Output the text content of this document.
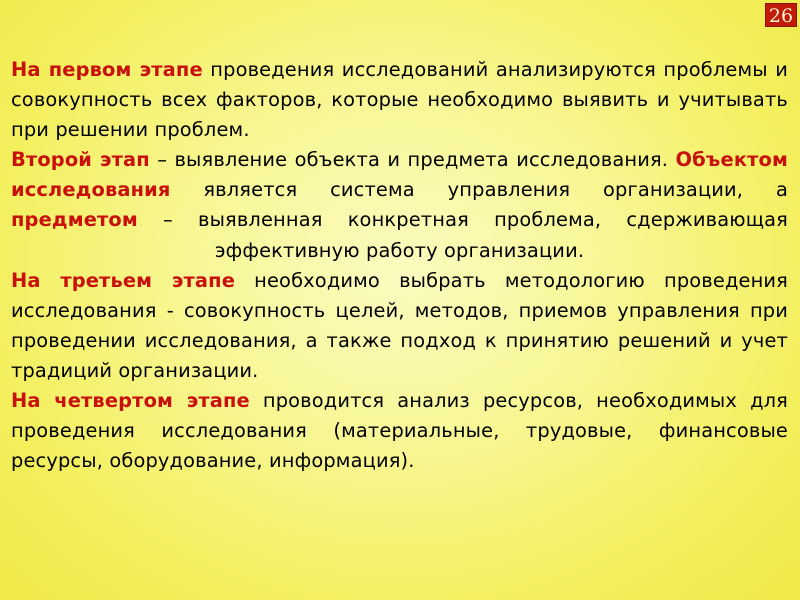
26

На первом этапе проведения исследований анализируются проблемы и совокупность всех факторов, которые необходимо выявить и учитывать при решении проблем.

Второй этап – выявление объекта и предмета исследования. Объектом исследования является система управления организации, а предметом – выявленная конкретная проблема, сдерживающая эффективную работу организации.

На третьем этапе необходимо выбрать методологию проведения исследования - совокупность целей, методов, приемов управления при проведении исследования, а также подход к принятию решений и учет традиций организации.

На четвертом этапе проводится анализ ресурсов, необходимых для проведения исследования (материальные, трудовые, финансовые ресурсы, оборудование, информация).
